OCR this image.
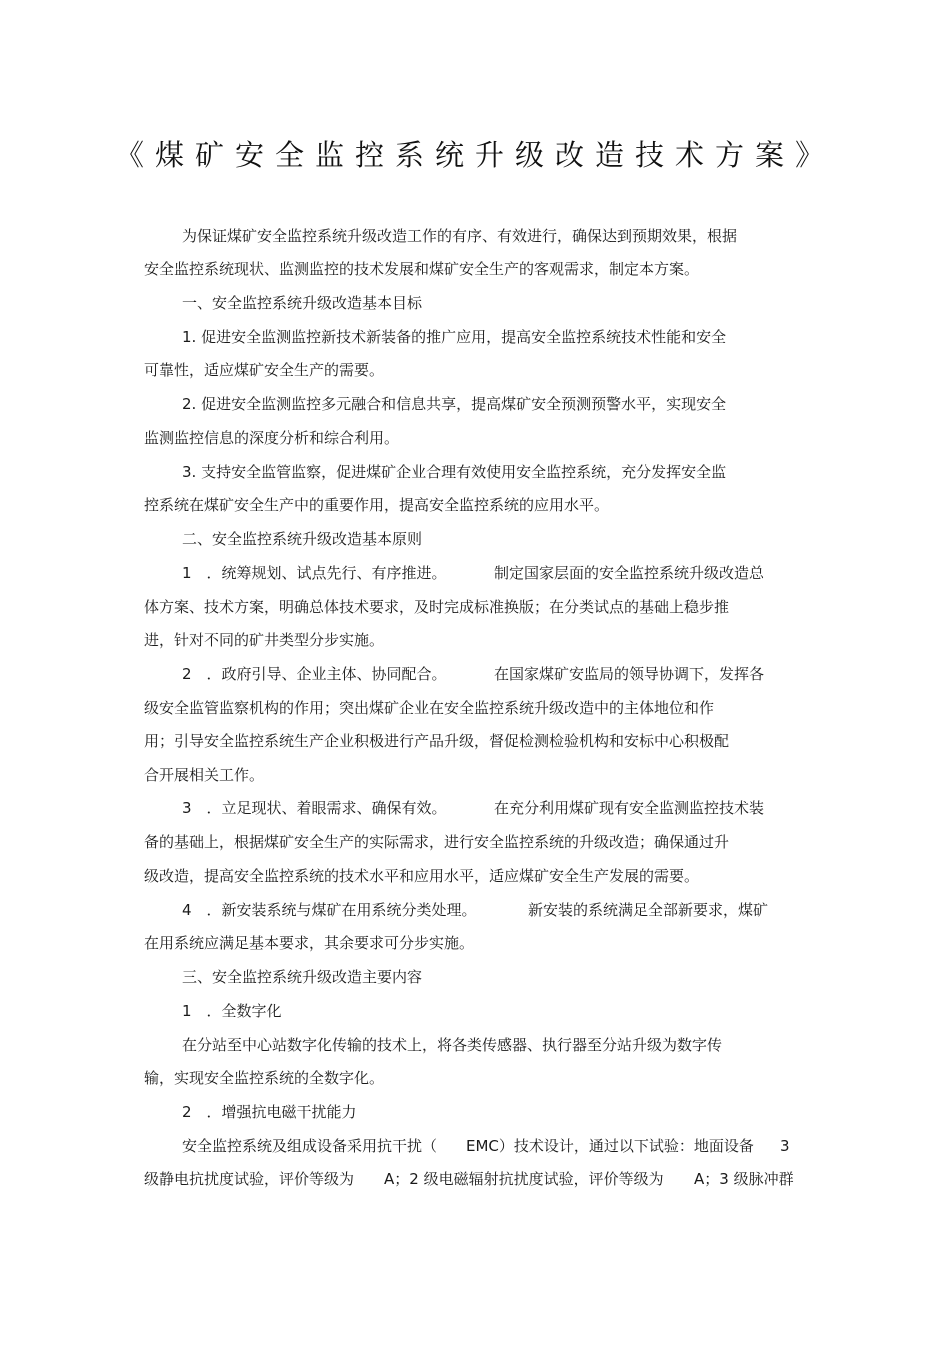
《煤矿安全监控系统升级改造技术方案》
为保证煤矿安全监控系统升级改造工作的有序、有效进行，确保达到预期效果，根据
安全监控系统现状、监测监控的技术发展和煤矿安全生产的客观需求，制定本方案。
一、安全监控系统升级改造基本目标
1. 促进安全监测监控新技术新装备的推广应用，提高安全监控系统技术性能和安全
可靠性，适应煤矿安全生产的需要。
2. 促进安全监测监控多元融合和信息共享，提高煤矿安全预测预警水平，实现安全
监测监控信息的深度分析和综合利用。
3. 支持安全监管监察，促进煤矿企业合理有效使用安全监控系统，充分发挥安全监
控系统在煤矿安全生产中的重要作用，提高安全监控系统的应用水平。
二、安全监控系统升级改造基本原则
1　．统筹规划、试点先行、有序推进。	制定国家层面的安全监控系统升级改造总
体方案、技术方案，明确总体技术要求，及时完成标准换版；在分类试点的基础上稳步推
进，针对不同的矿井类型分步实施。
2　．政府引导、企业主体、协同配合。	在国家煤矿安监局的领导协调下，发挥各
级安全监管监察机构的作用；突出煤矿企业在安全监控系统升级改造中的主体地位和作
用；引导安全监控系统生产企业积极进行产品升级，督促检测检验机构和安标中心积极配
合开展相关工作。
3　．立足现状、着眼需求、确保有效。	在充分利用煤矿现有安全监测监控技术装
备的基础上，根据煤矿安全生产的实际需求，进行安全监控系统的升级改造；确保通过升
级改造，提高安全监控系统的技术水平和应用水平，适应煤矿安全生产发展的需要。
4　．新安装系统与煤矿在用系统分类处理。	新安装的系统满足全部新要求，煤矿
在用系统应满足基本要求，其余要求可分步实施。
三、安全监控系统升级改造主要内容
1　．全数字化
在分站至中心站数字化传输的技术上，将各类传感器、执行器至分站升级为数字传
输，实现安全监控系统的全数字化。
2　．增强抗电磁干扰能力
安全监控系统及组成设备采用抗干扰（ EMC）技术设计，通过以下试验：地面设备 3
级静电抗扰度试验，评价等级为 A；2 级电磁辐射抗扰度试验，评价等级为 A；3 级脉冲群
